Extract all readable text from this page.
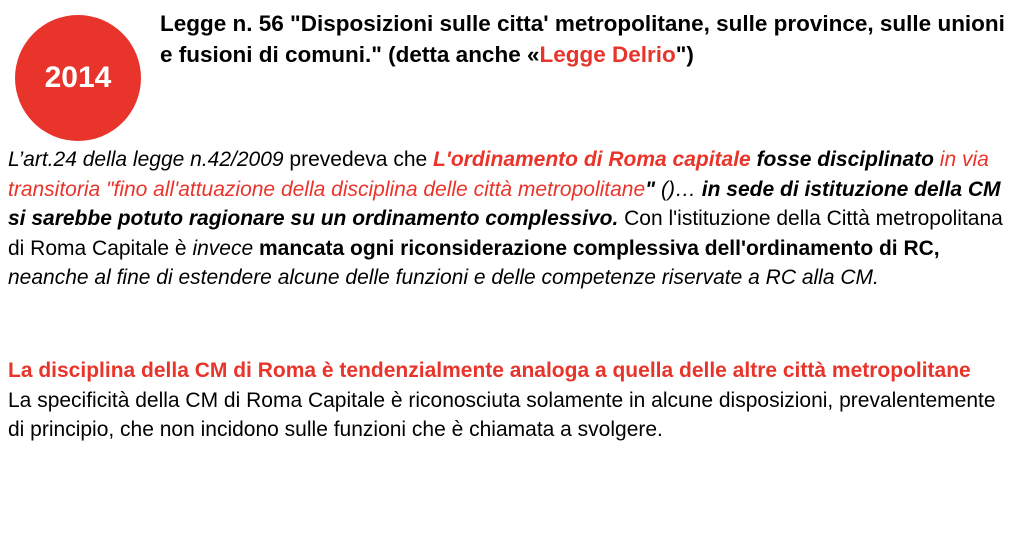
2014

Legge n. 56 "Disposizioni sulle citta' metropolitane, sulle province, sulle unioni e fusioni di comuni." (detta anche «Legge Delrio")

L’art.24 della legge n.42/2009 prevedeva che L'ordinamento di Roma capitale fosse disciplinato in via transitoria "fino all'attuazione della disciplina delle città metropolitane" ()… in sede di istituzione della CM si sarebbe potuto ragionare su un ordinamento complessivo. Con l'istituzione della Città metropolitana di Roma Capitale è invece mancata ogni riconsiderazione complessiva dell'ordinamento di RC, neanche al fine di estendere alcune delle funzioni e delle competenze riservate a RC alla CM.

La disciplina della CM di Roma è tendenzialmente analoga a quella delle altre città metropolitane
La specificità della CM di Roma Capitale è riconosciuta solamente in alcune disposizioni, prevalentemente di principio, che non incidono sulle funzioni che è chiamata a svolgere.
